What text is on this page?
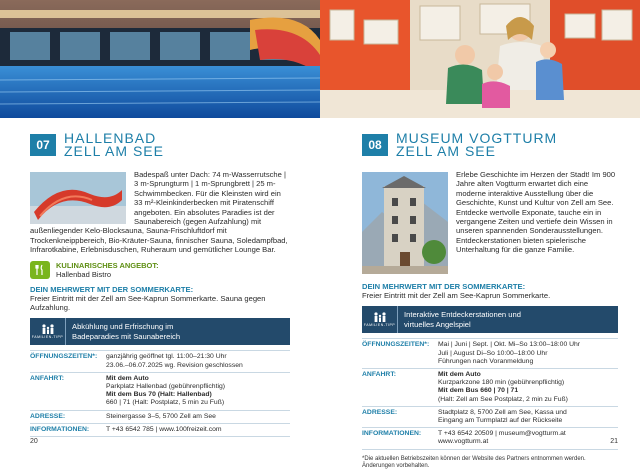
07	HALLENBAD
ZELL AM SEE
Badespaß unter Dach: 74 m-Wasserrutsche | 3 m-Sprungturm | 1 m-Sprungbrett | 25 m-Schwimmbecken. Für die Kleinsten wird ein 33 m²-Kleinkinderbecken mit Piratenschiff angeboten. Ein absolutes Paradies ist der Saunabereich (gegen Aufzahlung) mit außenliegender Kelo-Blocksauna, Sauna-Frischluftdorf mit Trockenkneippbereich, Bio-Kräuter-Sauna, finnischer Sauna, Soledampfbad, Infrarotkabine, Erlebnisduschen, Ruheraum und gemütlicher Lounge Bar.
KULINARISCHES ANGEBOT:
Hallenbad Bistro
DEIN MEHRWERT MIT DER SOMMERKARTE:
Freier Eintritt mit der Zell am See-Kaprun Sommerkarte. Sauna gegen Aufzahlung.
FAMILIEN-TIPP
Abkühlung und Erfrischung im
Badeparadies mit Saunabereich
ÖFFNUNGSZEITEN*:	ganzjährig geöffnet tgl. 11:00–21:30 Uhr
23.06.–06.07.2025 wg. Revision geschlossen
ANFAHRT:	Mit dem Auto
Parkplatz Hallenbad (gebührenpflichtig)
Mit dem Bus 70 (Halt: Hallenbad)
660 | 71 (Halt: Postplatz, 5 min zu Fuß)
ADRESSE:	Steinergasse 3–5, 5700 Zell am See
INFORMATIONEN:	T +43 6542 785 | www.100freizeit.com
20
08	MUSEUM VOGTTURM
ZELL AM SEE
Erlebe Geschichte im Herzen der Stadt! Im 900 Jahre alten Vogtturm erwartet dich eine moderne interaktive Ausstellung über die Geschichte, Kunst und Kultur von Zell am See. Entdecke wertvolle Exponate, tauche ein in vergangene Zeiten und vertiefe dein Wissen in unseren spannenden Sonderausstellungen. Entdeckerstationen bieten spielerische Unterhaltung für die ganze Familie.
DEIN MEHRWERT MIT DER SOMMERKARTE:
Freier Eintritt mit der Zell am See-Kaprun Sommerkarte.
FAMILIEN-TIPP
Interaktive Entdeckerstationen und
virtuelles Angelspiel
ÖFFNUNGSZEITEN*:	Mai | Juni | Sept. | Okt. Mi–So 13:00–18:00 Uhr
Juli | August Di–So 10:00–18:00 Uhr
Führungen nach Voranmeldung
ANFAHRT:	Mit dem Auto
Kurzparkzone 180 min (gebührenpflichtig)
Mit dem Bus 660 | 70 | 71
(Halt: Zell am See Postplatz, 2 min zu Fuß)
ADRESSE:	Stadtplatz 8, 5700 Zell am See, Kassa und
Eingang am Turmplatzl auf der Rückseite
INFORMATIONEN:	T +43 6542 20509 | museum@vogtturm.at
www.vogtturm.at
*Die aktuellen Betriebszeiten können der Website des Partners entnommen werden. Änderungen vorbehalten.
21
